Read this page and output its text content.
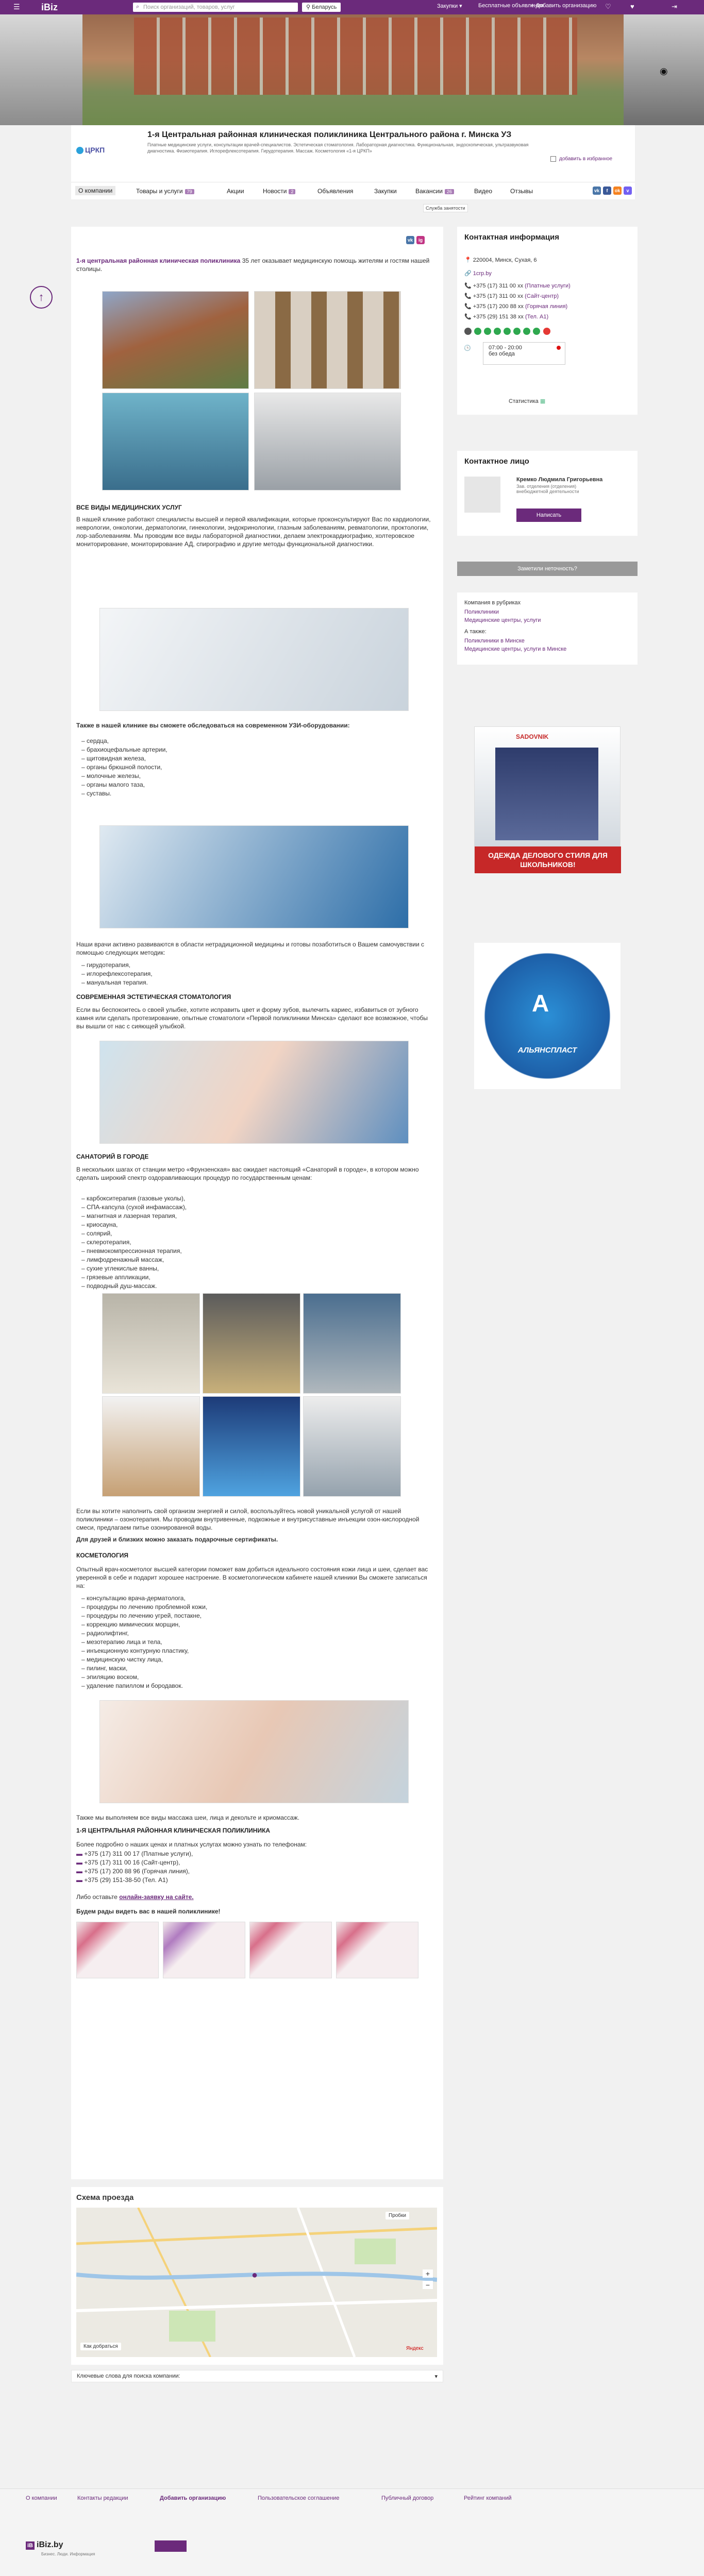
☰ iBiz	⌕ Поиск организаций, товаров, услуг	⚲ Беларусь	Закупки ▾	Бесплатные объявления
+ Добавить организацию ♡	♥	⇥
◉
ЦРКП
1-я Центральная районная клиническая поликлиника Центрального района г. Минска УЗ
Платные медицинские услуги, консультации врачей-специалистов. Эстетическая стоматология. Лабораторная диагностика. Функциональная, эндоскопическая, ультразвуковая диагностика. Физиотерапия. Иглорефлексотерапия. Гирудотерапия. Массаж. Косметология «1-я ЦРКП»
добавить в избранное
О компании	Товары и услуги 79	Акции	Новости 2	Объявления	Закупки	Вакансии 26	Видео	Отзывы
Служба занятости
vk	f	ok	v
↑
vk	ig
1-я центральная районная клиническая поликлиника 35 лет оказывает медицинскую помощь жителям и гостям нашей столицы.
ВСЕ ВИДЫ МЕДИЦИНСКИХ УСЛУГ
В нашей клинике работают специалисты высшей и первой квалификации, которые проконсультируют Вас по кардиологии, неврологии, онкологии, дерматологии, гинекологии, эндокринологии, глазным заболеваниям, ревматологии, проктологии, лор-заболеваниям. Мы проводим все виды лабораторной диагностики, делаем электрокардиографию, холтеровское мониторирование, мониторирование АД, спирографию и другие методы функциональной диагностики.
Также в нашей клинике вы сможете обследоваться на современном УЗИ-оборудовании:
– сердца,
– брахиоцефальные артерии,
– щитовидная железа,
– органы брюшной полости,
– молочные железы,
– органы малого таза,
– суставы.
Наши врачи активно развиваются в области нетрадиционной медицины и готовы позаботиться о Вашем самочувствии с помощью следующих методик:
– гирудотерапия,
– иглорефлексотерапия,
– мануальная терапия.
СОВРЕМЕННАЯ ЭСТЕТИЧЕСКАЯ СТОМАТОЛОГИЯ
Если вы беспокоитесь о своей улыбке, хотите исправить цвет и форму зубов, вылечить кариес, избавиться от зубного камня или сделать протезирование, опытные стоматологи «Первой поликлиники Минска» сделают все возможное, чтобы вы вышли от нас с сияющей улыбкой.
САНАТОРИЙ В ГОРОДЕ
В нескольких шагах от станции метро «Фрунзенская» вас ожидает настоящий «Санаторий в городе», в котором можно сделать широкий спектр оздоравливающих процедур по государственным ценам:
– карбокситерапия (газовые уколы),
– СПА-капсула (сухой инфамассаж),
– магнитная и лазерная терапия,
– криосауна,
– солярий,
– склеротерапия,
– пневмокомпрессионная терапия,
– лимфодренажный массаж,
– сухие углекислые ванны,
– грязевые аппликации,
– подводный душ-массаж.
Если вы хотите наполнить свой организм энергией и силой, воспользуйтесь новой уникальной услугой от нашей поликлиники – озонотерапия. Мы проводим внутривенные, подкожные и внутрисуставные инъекции озон-кислородной смеси, предлагаем питье озонированной воды.
Для друзей и близких можно заказать подарочные сертификаты.
КОСМЕТОЛОГИЯ
Опытный врач-косметолог высшей категории поможет вам добиться идеального состояния кожи лица и шеи, сделает вас уверенной в себе и подарит хорошее настроение. В косметологическом кабинете нашей клиники Вы сможете записаться на:
– консультацию врача-дерматолога,
– процедуры по лечению проблемной кожи,
– процедуры по лечению угрей, постакне,
– коррекцию мимических морщин,
– радиолифтинг,
– мезотерапию лица и тела,
– инъекционную контурную пластику,
– медицинскую чистку лица,
– пилинг, маски,
– эпиляцию воском,
– удаление папиллом и бородавок.
Также мы выполняем все виды массажа шеи, лица и декольте и криомассаж.
1-Я ЦЕНТРАЛЬНАЯ РАЙОННАЯ КЛИНИЧЕСКАЯ ПОЛИКЛИНИКА
Более подробно о наших ценах и платных услугах можно узнать по телефонам:
▬ +375 (17) 311 00 17 (Платные услуги),
▬ +375 (17) 311 00 16 (Сайт-центр),
▬ +375 (17) 200 88 96 (Горячая линия),
▬ +375 (29) 151-38-50 (Тел. А1)
Либо оставьте онлайн-заявку на сайте.
Будем рады видеть вас в нашей поликлинике!
Схема проезда
●
Пробки
Как добраться	Яндекс
+
−
Ключевые слова для поиска компании:	▾
Контактная информация
📍 220004, Минск, Сухая, 6
🔗 1crp.by
📞 +375 (17) 311 00 xx (Платные услуги)
📞 +375 (17) 311 00 xx (Сайт-центр)
📞 +375 (17) 200 88 xx (Горячая линия)
📞 +375 (29) 151 38 xx (Тел. А1)

🕒	07:00 - 20:00
без обеда
Статистика ▦
Контактное лицо
Кремко Людмила Григорьевна
Зав. отделения (отделения) внебюджетной деятельности
Написать
Заметили неточность?
Компания в рубриках
Поликлиники
Медицинские центры, услуги
А также:
Поликлиники в Минске
Медицинские центры, услуги в Минске
SADOVNIK
ОДЕЖДА ДЕЛОВОГО СТИЛЯ ДЛЯ ШКОЛЬНИКОВ!
АЛЬЯНСПЛАСТ
A
О компании	Контакты редакции	Добавить организацию	Пользовательское соглашение	Публичный договор	Рейтинг компаний
iB iBiz.by
Бизнес. Люди. Информация
